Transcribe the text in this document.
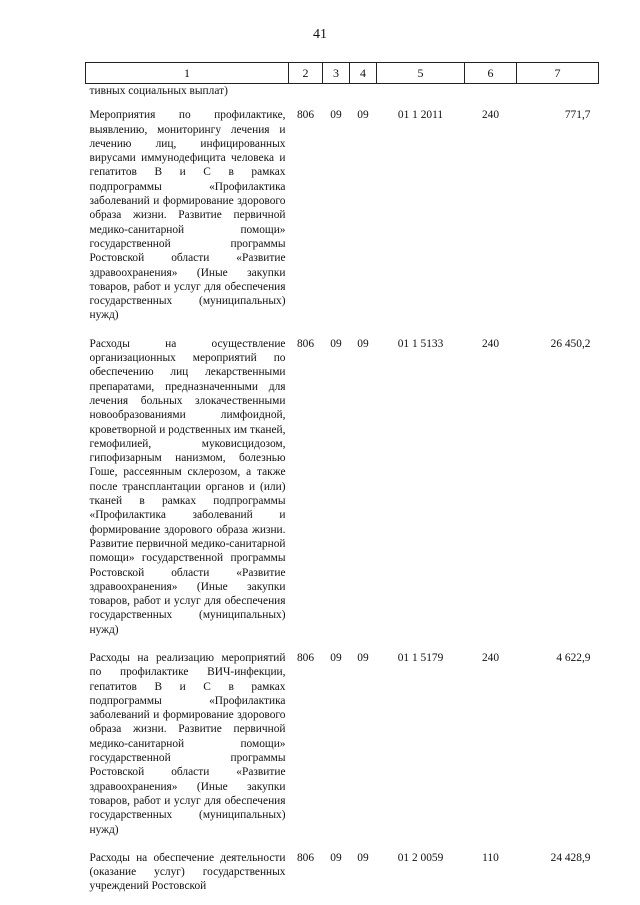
41
1	2	3	4	5	6	7
тивных социальных выплат)						
Мероприятия по профилактике, выявлению, мониторингу лечения и лечению лиц, инфицированных вирусами иммунодефицита человека и гепатитов В и С в рамках подпрограммы «Профилактика заболеваний и формирование здорового образа жизни. Развитие первичной медико-санитарной помощи» государственной программы Ростовской области «Развитие здравоохранения» (Иные закупки товаров, работ и услуг для обеспечения государственных (муниципальных) нужд)	806	09	09	01 1 2011	240	771,7
Расходы на осуществление организационных мероприятий по обеспечению лиц лекарственными препаратами, предназначенными для лечения больных злокачественными новообразованиями лимфоидной, кроветворной и родственных им тканей, гемофилией, муковисцидозом, гипофизарным нанизмом, болезнью Гоше, рассеянным склерозом, а также после трансплантации органов и (или) тканей в рамках подпрограммы «Профилактика заболеваний и формирование здорового образа жизни. Развитие первичной медико-санитарной помощи» государственной программы Ростовской области «Развитие здравоохранения» (Иные закупки товаров, работ и услуг для обеспечения государственных (муниципальных) нужд)	806	09	09	01 1 5133	240	26 450,2
Расходы на реализацию мероприятий по профилактике ВИЧ-инфекции, гепатитов В и С в рамках подпрограммы «Профилактика заболеваний и формирование здорового образа жизни. Развитие первичной медико-санитарной помощи» государственной программы Ростовской области «Развитие здравоохранения» (Иные закупки товаров, работ и услуг для обеспечения государственных (муниципальных) нужд)	806	09	09	01 1 5179	240	4 622,9
Расходы на обеспечение деятельности (оказание услуг) государственных учреждений Ростовской	806	09	09	01 2 0059	110	24 428,9
